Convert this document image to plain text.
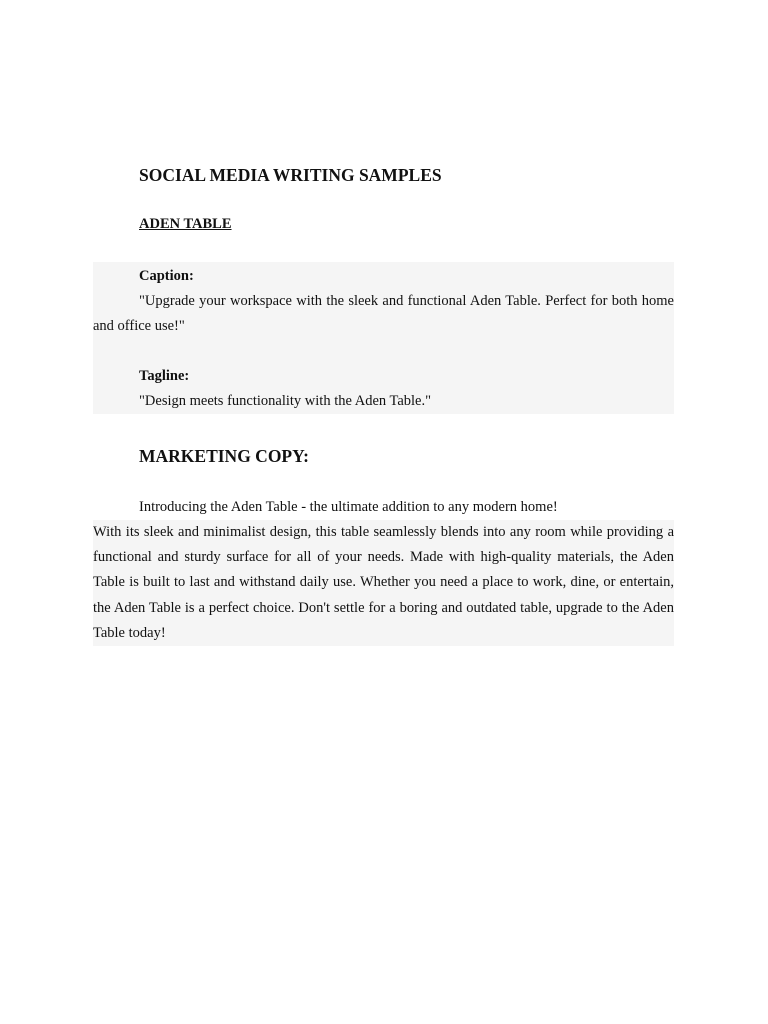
SOCIAL MEDIA WRITING SAMPLES
ADEN TABLE

Caption:

"Upgrade your workspace with the sleek and functional Aden Table. Perfect for both home and office use!"

Tagline:

"Design meets functionality with the Aden Table."

MARKETING COPY:

Introducing the Aden Table - the ultimate addition to any modern home!

With its sleek and minimalist design, this table seamlessly blends into any room while providing a functional and sturdy surface for all of your needs. Made with high-quality materials, the Aden Table is built to last and withstand daily use. Whether you need a place to work, dine, or entertain, the Aden Table is a perfect choice. Don't settle for a boring and outdated table, upgrade to the Aden Table today!
